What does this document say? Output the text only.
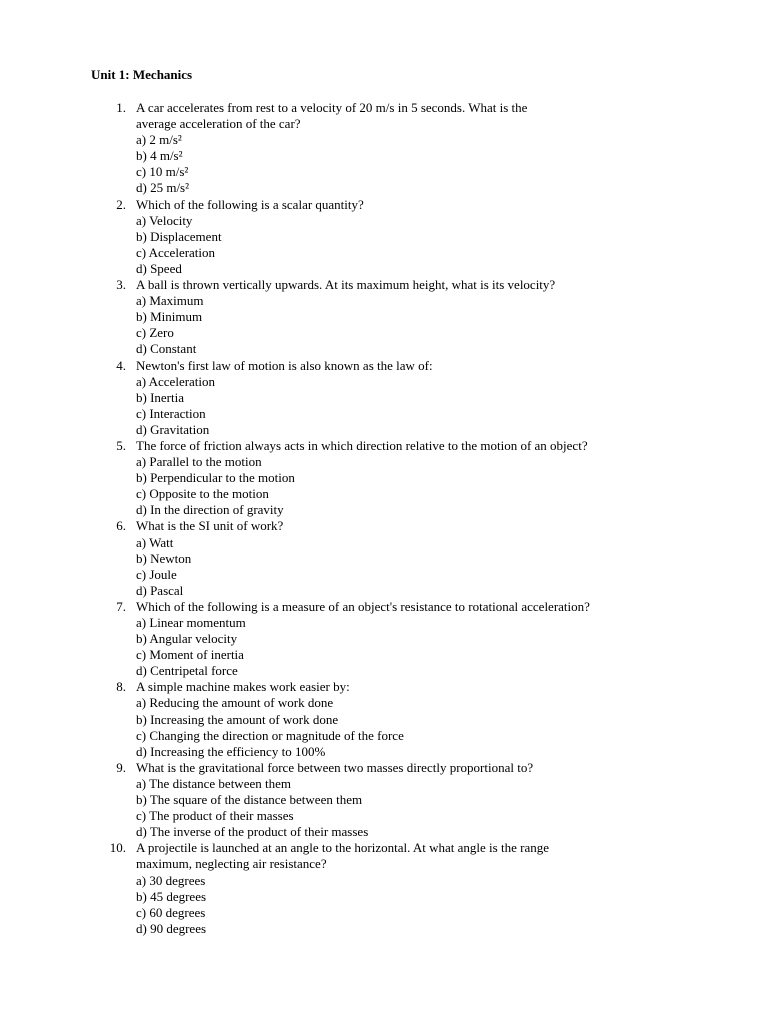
Unit 1: Mechanics
1. A car accelerates from rest to a velocity of 20 m/s in 5 seconds. What is the
average acceleration of the car?
a) 2 m/s²
b) 4 m/s²
c) 10 m/s²
d) 25 m/s²
2. Which of the following is a scalar quantity?
a) Velocity
b) Displacement
c) Acceleration
d) Speed
3. A ball is thrown vertically upwards. At its maximum height, what is its velocity?
a) Maximum
b) Minimum
c) Zero
d) Constant
4. Newton's first law of motion is also known as the law of:
a) Acceleration
b) Inertia
c) Interaction
d) Gravitation
5. The force of friction always acts in which direction relative to the motion of an object?
a) Parallel to the motion
b) Perpendicular to the motion
c) Opposite to the motion
d) In the direction of gravity
6. What is the SI unit of work?
a) Watt
b) Newton
c) Joule
d) Pascal
7. Which of the following is a measure of an object's resistance to rotational acceleration?
a) Linear momentum
b) Angular velocity
c) Moment of inertia
d) Centripetal force
8. A simple machine makes work easier by:
a) Reducing the amount of work done
b) Increasing the amount of work done
c) Changing the direction or magnitude of the force
d) Increasing the efficiency to 100%
9. What is the gravitational force between two masses directly proportional to?
a) The distance between them
b) The square of the distance between them
c) The product of their masses
d) The inverse of the product of their masses
10. A projectile is launched at an angle to the horizontal. At what angle is the range
maximum, neglecting air resistance?
a) 30 degrees
b) 45 degrees
c) 60 degrees
d) 90 degrees
